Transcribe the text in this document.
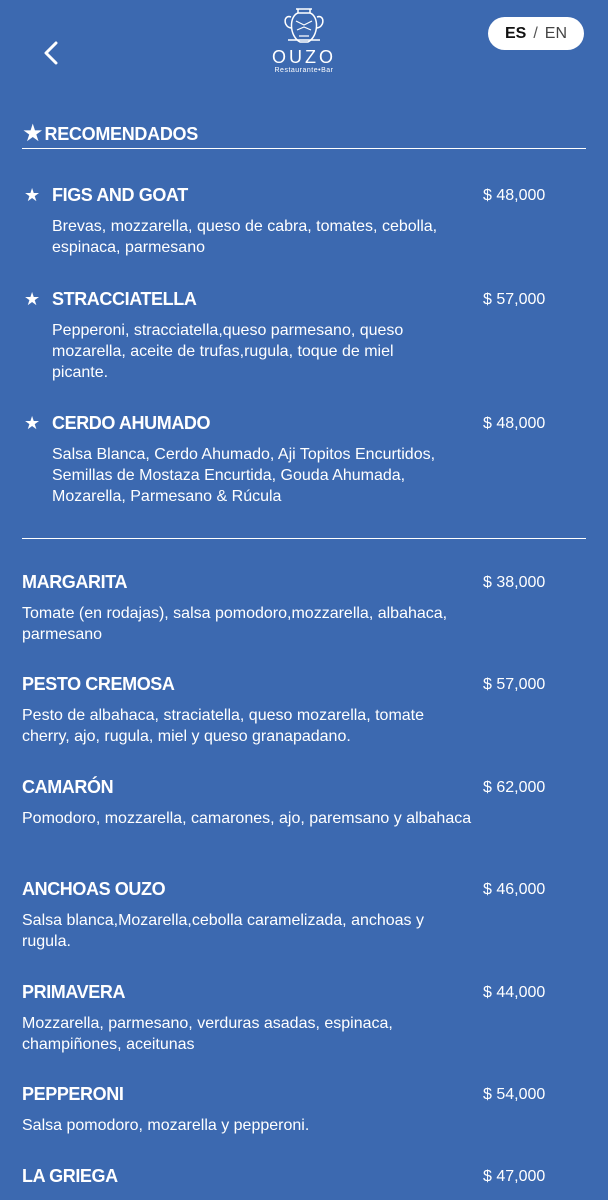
OUZO
Restaurante•Bar
ES / EN
★ RECOMENDADOS
★ FIGS AND GOAT	$ 48,000
Brevas, mozzarella, queso de cabra, tomates, cebolla, espinaca, parmesano
★ STRACCIATELLA	$ 57,000
Pepperoni, stracciatella,queso parmesano, queso mozarella, aceite de trufas,rugula, toque de miel picante.
★ CERDO AHUMADO	$ 48,000
Salsa Blanca, Cerdo Ahumado, Aji Topitos Encurtidos, Semillas de Mostaza Encurtida, Gouda Ahumada, Mozarella, Parmesano & Rúcula
MARGARITA	$ 38,000
Tomate (en rodajas), salsa pomodoro,mozzarella, albahaca, parmesano
PESTO CREMOSA	$ 57,000
Pesto de albahaca, straciatella, queso mozarella, tomate cherry, ajo, rugula, miel y queso granapadano.
CAMARÓN	$ 62,000
Pomodoro, mozzarella, camarones, ajo, paremsano y albahaca
ANCHOAS OUZO	$ 46,000
Salsa blanca,Mozarella,cebolla caramelizada, anchoas y rugula.
PRIMAVERA	$ 44,000
Mozzarella, parmesano, verduras asadas, espinaca, champiñones, aceitunas
PEPPERONI	$ 54,000
Salsa pomodoro, mozarella y pepperoni.
LA GRIEGA	$ 47,000
